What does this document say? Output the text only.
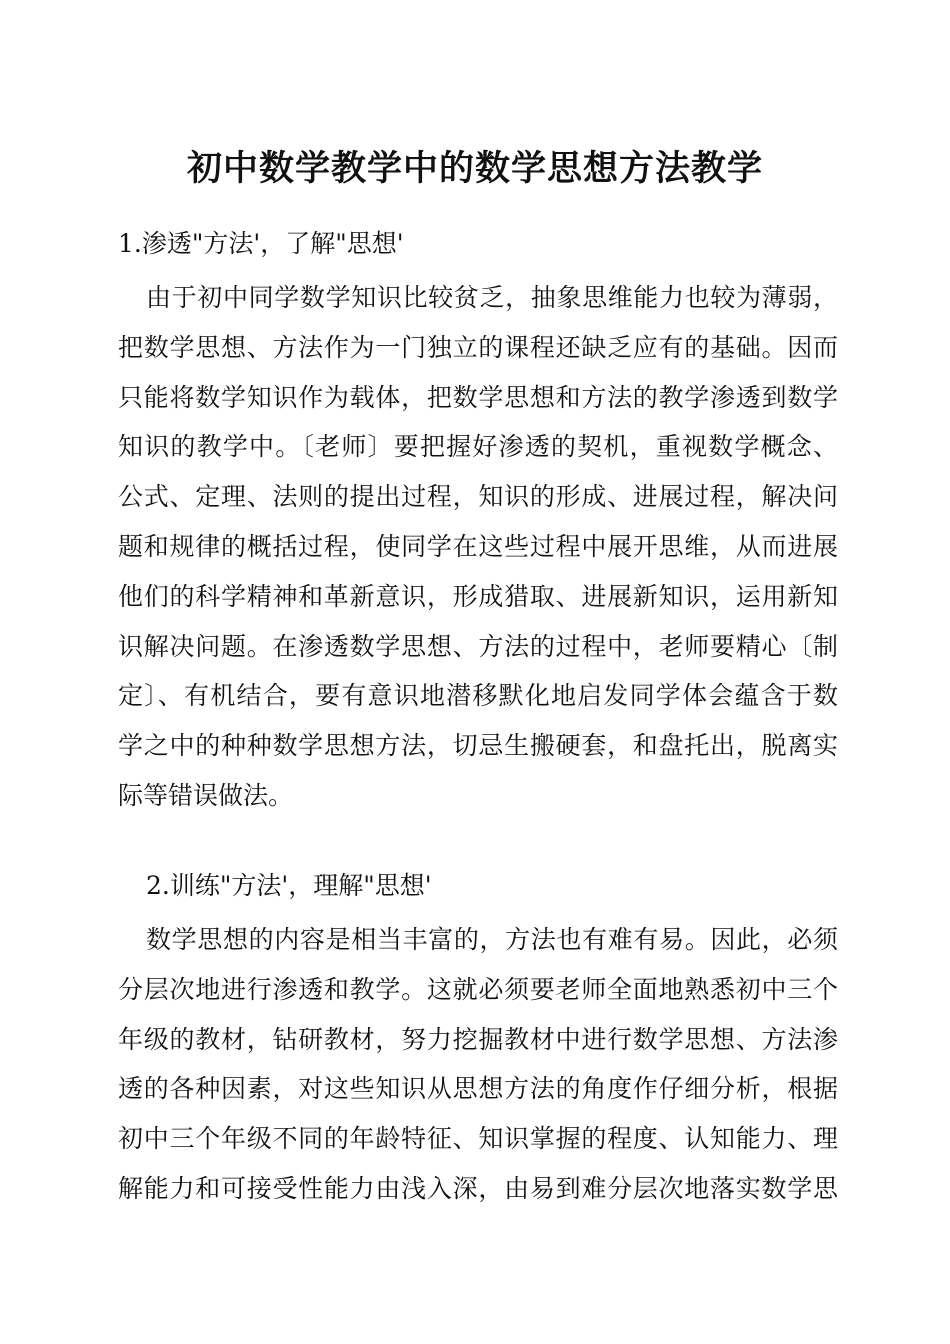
初中数学教学中的数学思想方法教学

1.渗透"方法'，了解"思想'

由于初中同学数学知识比较贫乏，抽象思维能力也较为薄弱，
把数学思想、方法作为一门独立的课程还缺乏应有的基础。因而
只能将数学知识作为载体，把数学思想和方法的教学渗透到数学
知识的教学中。〔老师〕要把握好渗透的契机，重视数学概念、
公式、定理、法则的提出过程，知识的形成、进展过程，解决问
题和规律的概括过程，使同学在这些过程中展开思维，从而进展
他们的科学精神和革新意识，形成猎取、进展新知识，运用新知
识解决问题。在渗透数学思想、方法的过程中，老师要精心〔制
定〕、有机结合，要有意识地潜移默化地启发同学体会蕴含于数
学之中的种种数学思想方法，切忌生搬硬套，和盘托出，脱离实
际等错误做法。

2.训练"方法'，理解"思想'

数学思想的内容是相当丰富的，方法也有难有易。因此，必须
分层次地进行渗透和教学。这就必须要老师全面地熟悉初中三个
年级的教材，钻研教材，努力挖掘教材中进行数学思想、方法渗
透的各种因素，对这些知识从思想方法的角度作仔细分析，根据
初中三个年级不同的年龄特征、知识掌握的程度、认知能力、理
解能力和可接受性能力由浅入深，由易到难分层次地落实数学思
